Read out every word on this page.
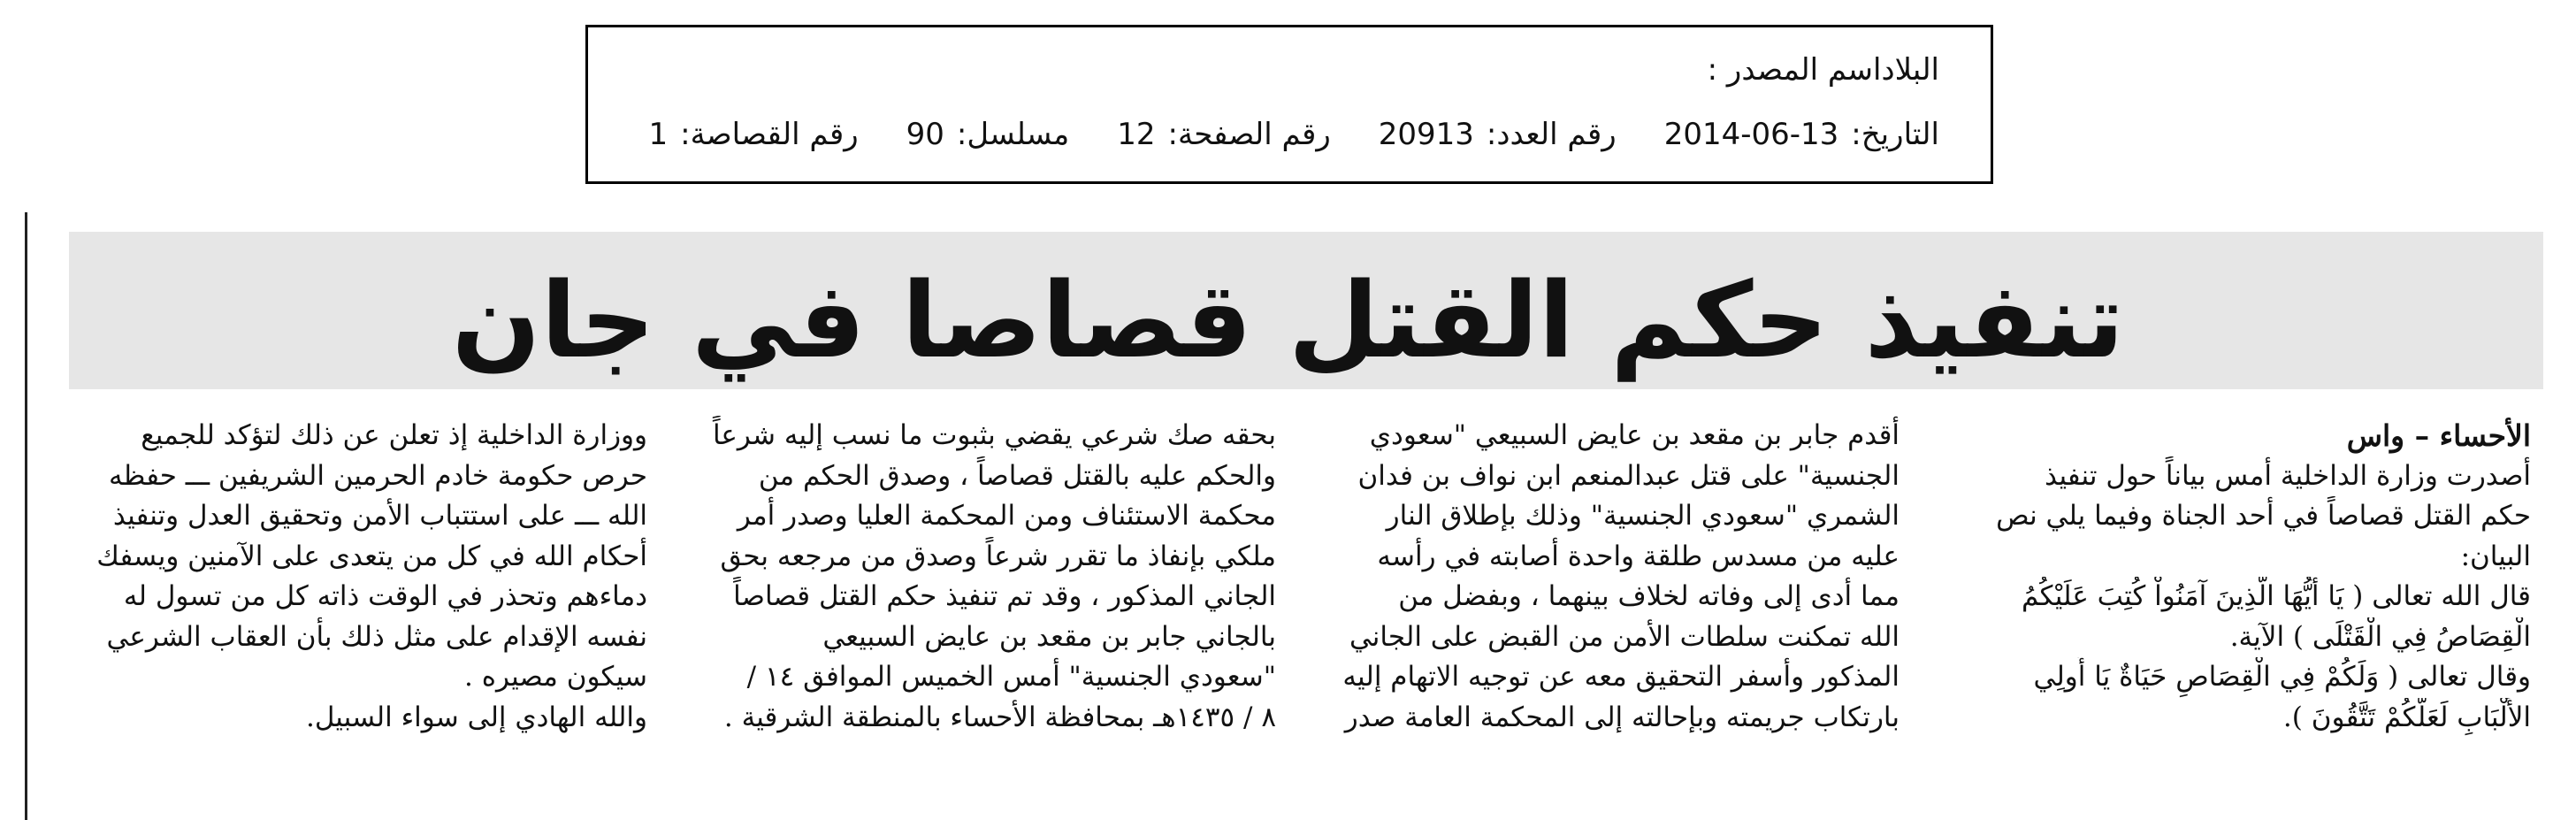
اسم المصدر : البلاد
التاريخ:
2014-06-13
رقم العدد:
20913
رقم الصفحة:
12
مسلسل:
90
رقم القصاصة:
1
تنفيذ حكم القتل قصاصا في جان
الأحساء – واس
أصدرت وزارة الداخلية أمس بياناً حول تنفيذ
حكم القتل قصاصاً في أحد الجناة وفيما يلي نص
البيان:
قال الله تعالى ( يَا أَيُّهَا الَّذِينَ آمَنُواْ كُتِبَ عَلَيْكُمُ
الْقِصَاصُ فِي الْقَتْلَى ) الآية.
وقال تعالى ( وَلَكُمْ فِي الْقِصَاصِ حَيَاةٌ يَا أُولِي
الأَلْبَابِ لَعَلَّكُمْ تَتَّقُونَ ).
أقدم جابر بن مقعد بن عايض السبيعي "سعودي
الجنسية" على قتل عبدالمنعم ابن نواف بن فدان
الشمري "سعودي الجنسية" وذلك بإطلاق النار
عليه من مسدس طلقة واحدة أصابته في رأسه
مما أدى إلى وفاته لخلاف بينهما ، وبفضل من
الله تمكنت سلطات الأمن من القبض على الجاني
المذكور وأسفر التحقيق معه عن توجيه الاتهام إليه
بارتكاب جريمته وبإحالته إلى المحكمة العامة صدر
بحقه صك شرعي يقضي بثبوت ما نسب إليه شرعاً
والحكم عليه بالقتل قصاصاً ، وصدق الحكم من
محكمة الاستئناف ومن المحكمة العليا وصدر أمر
ملكي بإنفاذ ما تقرر شرعاً وصدق من مرجعه بحق
الجاني المذكور ، وقد تم تنفيذ حكم القتل قصاصاً
بالجاني جابر بن مقعد بن عايض السبيعي
"سعودي الجنسية" أمس الخميس الموافق ١٤ /
٨ / ١٤٣٥هـ بمحافظة الأحساء بالمنطقة الشرقية .
ووزارة الداخلية إذ تعلن عن ذلك لتؤكد للجميع
حرص حكومة خادم الحرمين الشريفين ـــ حفظه
الله ـــ على استتباب الأمن وتحقيق العدل وتنفيذ
أحكام الله في كل من يتعدى على الآمنين ويسفك
دماءهم وتحذر في الوقت ذاته كل من تسول له
نفسه الإقدام على مثل ذلك بأن العقاب الشرعي
سيكون مصيره .
والله الهادي إلى سواء السبيل.
